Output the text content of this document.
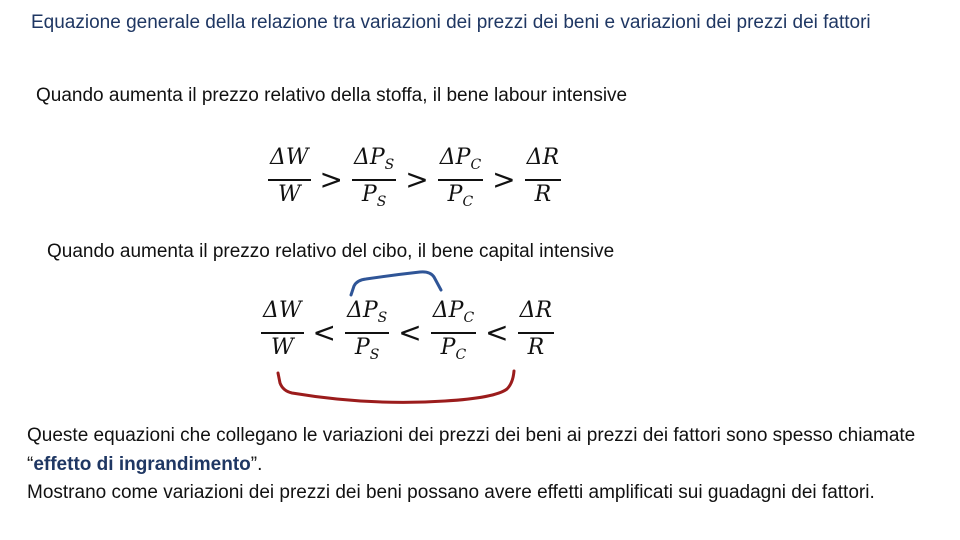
Equazione generale della relazione tra variazioni dei prezzi dei beni e variazioni dei prezzi dei fattori
Quando aumenta il prezzo relativo della stoffa, il bene labour intensive
$\frac{\Delta W}{W} > \frac{\Delta P_S}{P_S} > \frac{\Delta P_C}{P_C} > \frac{\Delta R}{R}$
Quando aumenta il prezzo relativo del cibo, il bene capital intensive
$\frac{\Delta W}{W} < \frac{\Delta P_S}{P_S} < \frac{\Delta P_C}{P_C} < \frac{\Delta R}{R}$

Queste equazioni che collegano le variazioni dei prezzi dei beni ai prezzi dei fattori sono spesso chiamate “effetto di ingrandimento”.

Mostrano come variazioni dei prezzi dei beni possano avere effetti amplificati sui guadagni dei fattori.
